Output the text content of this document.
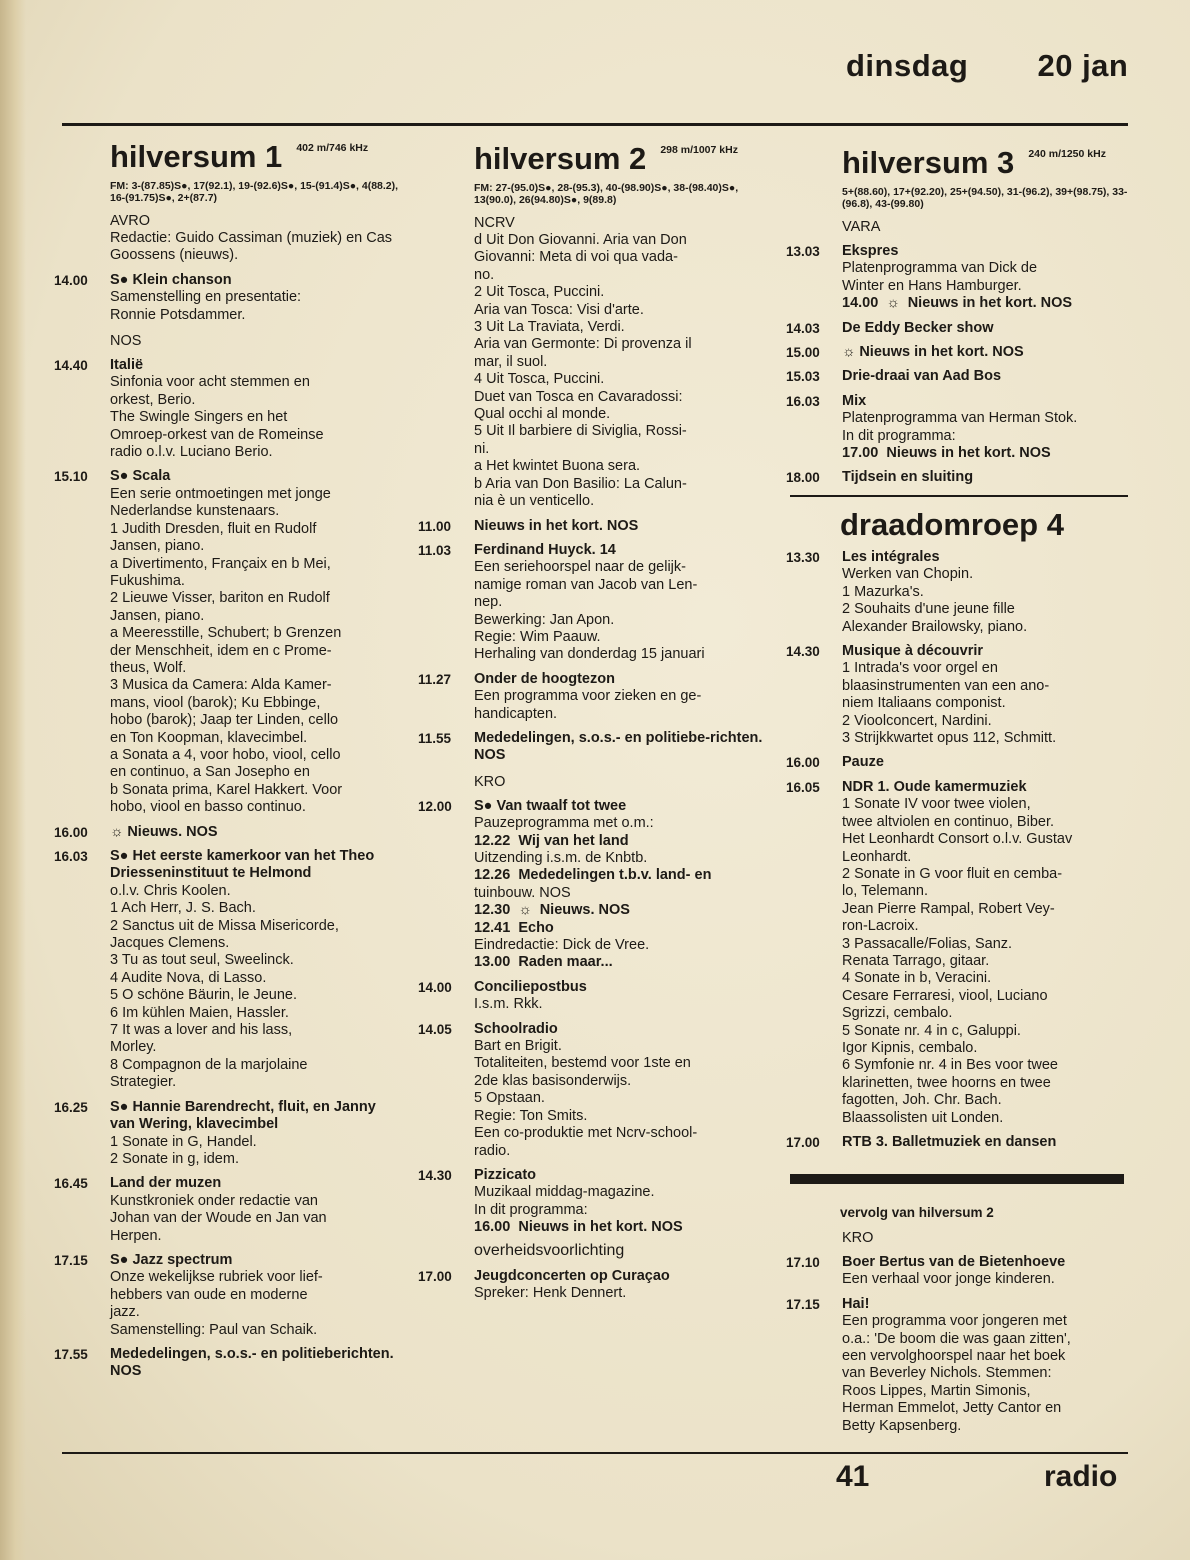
dinsdag 20 jan
hilversum 1 402 m/746 kHz
FM: 3-(87.85)S●, 17(92.1), 19-(92.6)S●, 15-(91.4)S●, 4(88.2), 16-(91.75)S●, 2+(87.7)
AVRO
Redactie: Guido Cassiman (muziek) en Cas Goossens (nieuws).
14.00	S● Klein chanson
Samenstelling en presentatie:
Ronnie Potsdammer.
NOS
14.40	Italië
Sinfonia voor acht stemmen en
orkest, Berio.
The Swingle Singers en het
Omroep-orkest van de Romeinse
radio o.l.v. Luciano Berio.
15.10	S● Scala
Een serie ontmoetingen met jonge
Nederlandse kunstenaars.
1 Judith Dresden, fluit en Rudolf
Jansen, piano.
a Divertimento, Françaix en b Mei,
Fukushima.
2 Lieuwe Visser, bariton en Rudolf
Jansen, piano.
a Meeresstille, Schubert; b Grenzen
der Menschheit, idem en c Prome-
theus, Wolf.
3 Musica da Camera: Alda Kamer-
mans, viool (barok); Ku Ebbinge,
hobo (barok); Jaap ter Linden, cello
en Ton Koopman, klavecimbel.
a Sonata a 4, voor hobo, viool, cello
en continuo, a San Josepho en
b Sonata prima, Karel Hakkert. Voor
hobo, viool en basso continuo.
16.00	☼ Nieuws. NOS
16.03	S● Het eerste kamerkoor van het Theo Driesseninstituut te Helmond
o.l.v. Chris Koolen.
1 Ach Herr, J. S. Bach.
2 Sanctus uit de Missa Misericorde,
Jacques Clemens.
3 Tu as tout seul, Sweelinck.
4 Audite Nova, di Lasso.
5 O schöne Bäurin, le Jeune.
6 Im kühlen Maien, Hassler.
7 It was a lover and his lass,
Morley.
8 Compagnon de la marjolaine
Strategier.
16.25	S● Hannie Barendrecht, fluit, en Janny van Wering, klavecimbel
1 Sonate in G, Handel.
2 Sonate in g, idem.
16.45	Land der muzen
Kunstkroniek onder redactie van
Johan van der Woude en Jan van
Herpen.
17.15	S● Jazz spectrum
Onze wekelijkse rubriek voor lief-
hebbers van oude en moderne
jazz.
Samenstelling: Paul van Schaik.
17.55	Mededelingen, s.o.s.- en politieberichten. NOS
hilversum 2 298 m/1007 kHz
FM: 27-(95.0)S●, 28-(95.3), 40-(98.90)S●, 38-(98.40)S●, 13(90.0), 26(94.80)S●, 9(89.8)
NCRV
d Uit Don Giovanni. Aria van Don
Giovanni: Meta di voi qua vada-
no.
2 Uit Tosca, Puccini.
Aria van Tosca: Visi d'arte.
3 Uit La Traviata, Verdi.
Aria van Germonte: Di provenza il
mar, il suol.
4 Uit Tosca, Puccini.
Duet van Tosca en Cavaradossi:
Qual occhi al monde.
5 Uit Il barbiere di Siviglia, Rossi-
ni.
a Het kwintet Buona sera.
b Aria van Don Basilio: La Calun-
nia è un venticello.
11.00	Nieuws in het kort. NOS
11.03	Ferdinand Huyck. 14
Een seriehoorspel naar de gelijk-
namige roman van Jacob van Len-
nep.
Bewerking: Jan Apon.
Regie: Wim Paauw.
Herhaling van donderdag 15 januari
11.27	Onder de hoogtezon
Een programma voor zieken en ge-
handicapten.
11.55	Mededelingen, s.o.s.- en politiebe-richten. NOS
KRO
12.00	S● Van twaalf tot twee
Pauzeprogramma met o.m.:
12.22  Wij van het land
Uitzending i.s.m. de Knbtb.
12.26  Mededelingen t.b.v. land- en
tuinbouw. NOS
12.30  ☼  Nieuws. NOS
12.41  Echo
Eindredactie: Dick de Vree.
13.00  Raden maar...
14.00	Conciliepostbus
I.s.m. Rkk.
14.05	Schoolradio
Bart en Brigit.
Totaliteiten, bestemd voor 1ste en
2de klas basisonderwijs.
5 Opstaan.
Regie: Ton Smits.
Een co-produktie met Ncrv-school-
radio.
14.30	Pizzicato
Muzikaal middag-magazine.
In dit programma:
16.00  Nieuws in het kort. NOS
overheidsvoorlichting
17.00	Jeugdconcerten op Curaçao
Spreker: Henk Dennert.
hilversum 3 240 m/1250 kHz
5+(88.60), 17+(92.20), 25+(94.50), 31-(96.2), 39+(98.75), 33-(96.8), 43-(99.80)
VARA
13.03	Ekspres
Platenprogramma van Dick de
Winter en Hans Hamburger.
14.00  ☼  Nieuws in het kort. NOS
14.03	De Eddy Becker show
15.00	☼ Nieuws in het kort. NOS
15.03	Drie-draai van Aad Bos
16.03	Mix
Platenprogramma van Herman Stok.
In dit programma:
17.00  Nieuws in het kort. NOS
18.00	Tijdsein en sluiting
draadomroep 4
13.30	Les intégrales
Werken van Chopin.
1 Mazurka's.
2 Souhaits d'une jeune fille
Alexander Brailowsky, piano.
14.30	Musique à découvrir
1 Intrada's voor orgel en
blaasinstrumenten van een ano-
niem Italiaans componist.
2 Vioolconcert, Nardini.
3 Strijkkwartet opus 112, Schmitt.
16.00	Pauze
16.05	NDR 1. Oude kamermuziek
1 Sonate IV voor twee violen,
twee altviolen en continuo, Biber.
Het Leonhardt Consort o.l.v. Gustav
Leonhardt.
2 Sonate in G voor fluit en cemba-
lo, Telemann.
Jean Pierre Rampal, Robert Vey-
ron-Lacroix.
3 Passacalle/Folias, Sanz.
Renata Tarrago, gitaar.
4 Sonate in b, Veracini.
Cesare Ferraresi, viool, Luciano
Sgrizzi, cembalo.
5 Sonate nr. 4 in c, Galuppi.
Igor Kipnis, cembalo.
6 Symfonie nr. 4 in Bes voor twee
klarinetten, twee hoorns en twee
fagotten, Joh. Chr. Bach.
Blaassolisten uit Londen.
17.00	RTB 3. Balletmuziek en dansen
vervolg van hilversum 2
KRO
17.10	Boer Bertus van de Bietenhoeve
Een verhaal voor jonge kinderen.
17.15	Hai!
Een programma voor jongeren met
o.a.: 'De boom die was gaan zitten',
een vervolghoorspel naar het boek
van Beverley Nichols. Stemmen:
Roos Lippes, Martin Simonis,
Herman Emmelot, Jetty Cantor en
Betty Kapsenberg.
41	radio
